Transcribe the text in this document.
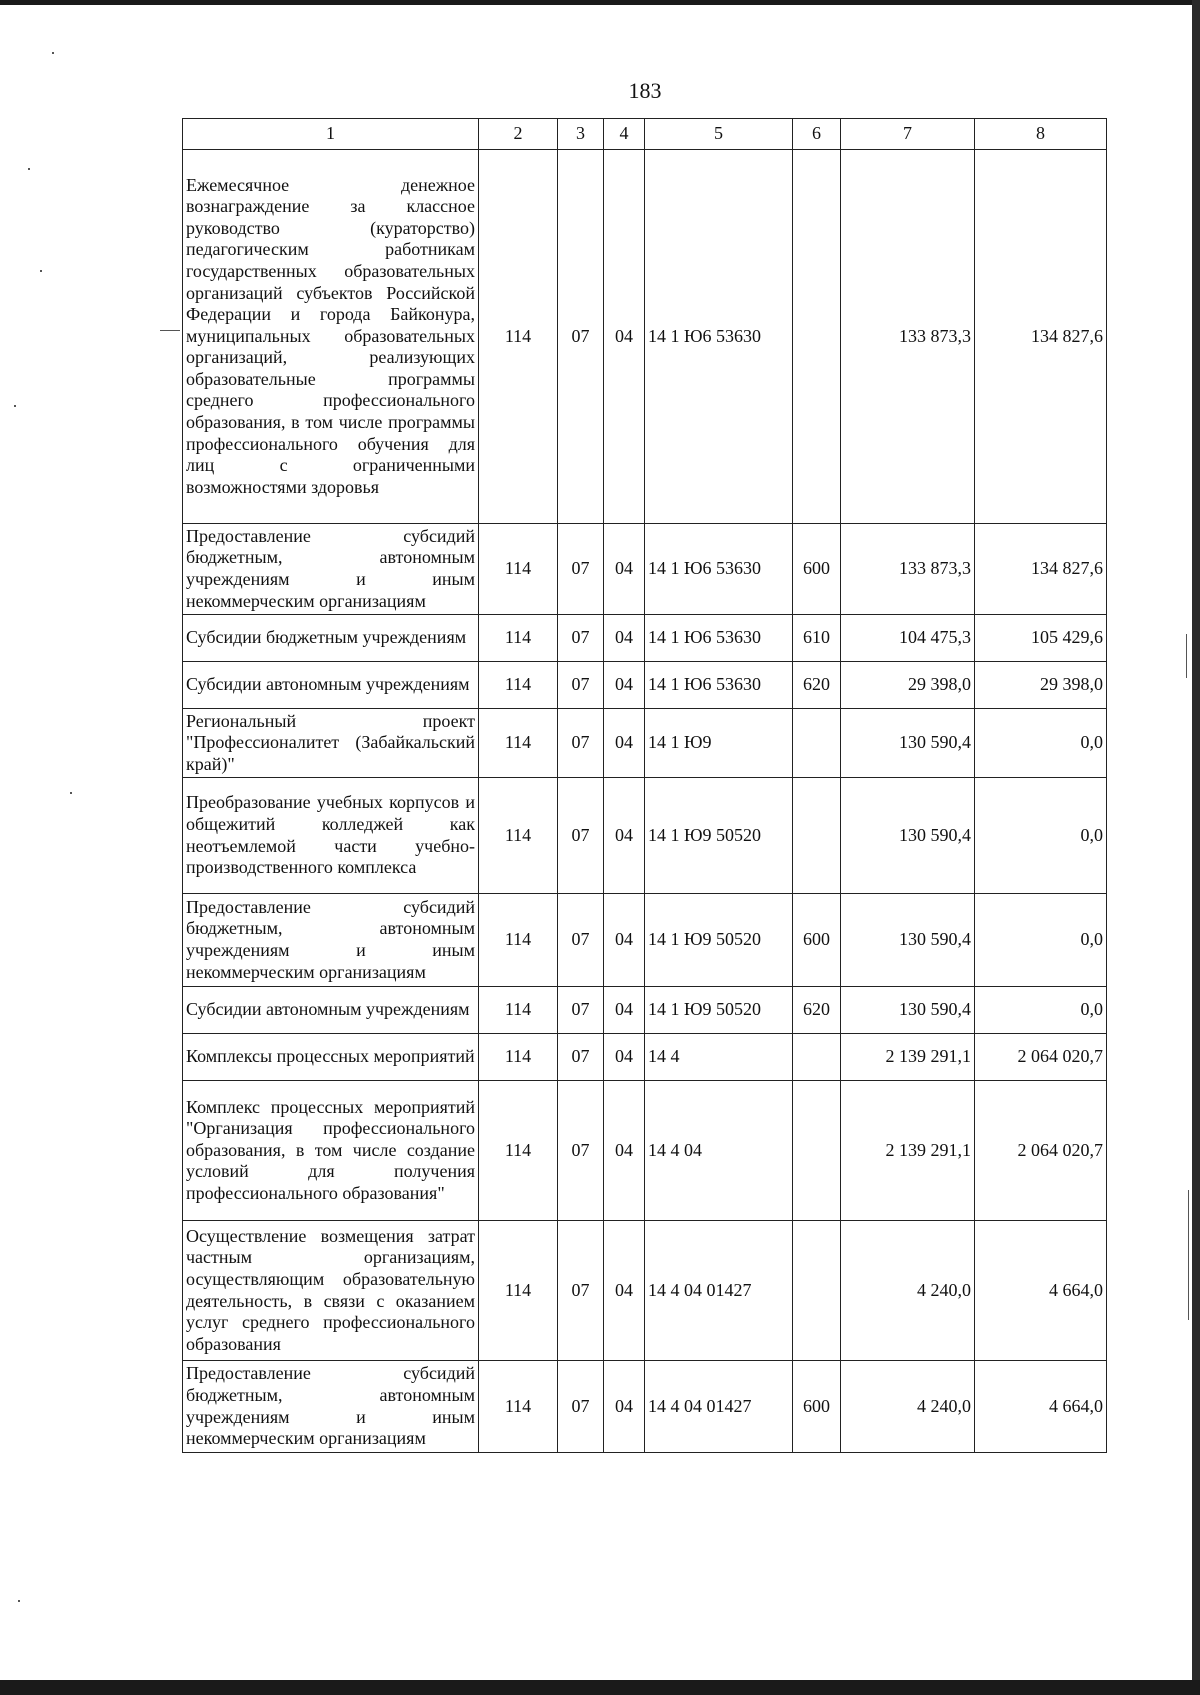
183
1	2	3	4	5	6	7	8
Ежемесячное денежное вознаграждение за классное руководство (кураторство) педагогическим работникам государственных образовательных организаций субъектов Российской Федерации и города Байконура, муниципальных образовательных организаций, реализующих образовательные программы среднего профессионального образования, в том числе программы профессионального обучения для лиц с ограниченными возможностями здоровья	114	07	04	14 1 Ю6 53630		133 873,3	134 827,6
Предоставление субсидий бюджетным, автономным учреждениям и иным некоммерческим организациям	114	07	04	14 1 Ю6 53630	600	133 873,3	134 827,6
Субсидии бюджетным учреждениям	114	07	04	14 1 Ю6 53630	610	104 475,3	105 429,6
Субсидии автономным учреждениям	114	07	04	14 1 Ю6 53630	620	29 398,0	29 398,0
Региональный проект "Профессионалитет (Забайкальский край)"	114	07	04	14 1 Ю9		130 590,4	0,0
Преобразование учебных корпусов и общежитий колледжей как неотъемлемой части учебно-производственного комплекса	114	07	04	14 1 Ю9 50520		130 590,4	0,0
Предоставление субсидий бюджетным, автономным учреждениям и иным некоммерческим организациям	114	07	04	14 1 Ю9 50520	600	130 590,4	0,0
Субсидии автономным учреждениям	114	07	04	14 1 Ю9 50520	620	130 590,4	0,0
Комплексы процессных мероприятий	114	07	04	14 4		2 139 291,1	2 064 020,7
Комплекс процессных мероприятий "Организация профессионального образования, в том числе создание условий для получения профессионального образования"	114	07	04	14 4 04		2 139 291,1	2 064 020,7
Осуществление возмещения затрат частным организациям, осуществляющим образовательную деятельность, в связи с оказанием услуг среднего профессионального образования	114	07	04	14 4 04 01427		4 240,0	4 664,0
Предоставление субсидий бюджетным, автономным учреждениям и иным некоммерческим организациям	114	07	04	14 4 04 01427	600	4 240,0	4 664,0
